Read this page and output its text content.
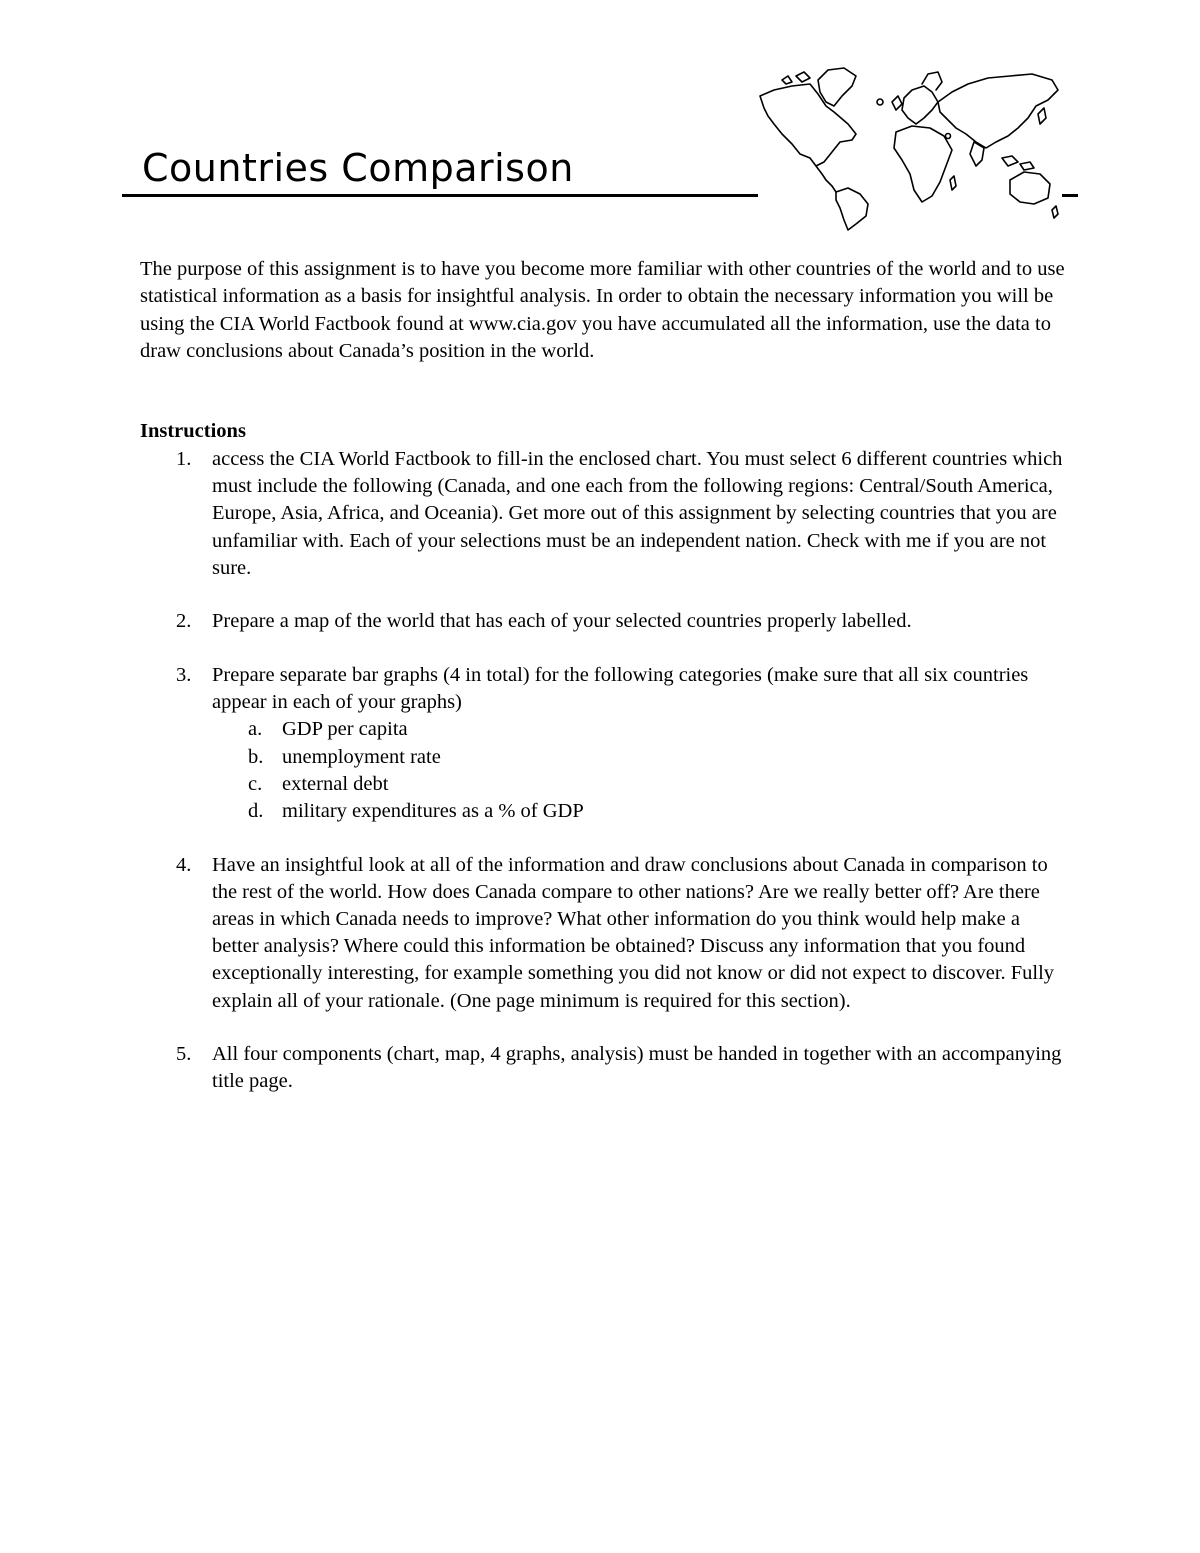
Countries Comparison

The purpose of this assignment is to have you become more familiar with other countries of the world and to use statistical information as a basis for insightful analysis. In order to obtain the necessary information you will be using the CIA World Factbook found at www.cia.gov you have accumulated all the information, use the data to draw conclusions about Canada’s position in the world.

Instructions
1. access the CIA World Factbook to fill-in the enclosed chart. You must select 6 different countries which must include the following (Canada, and one each from the following regions: Central/South America, Europe, Asia, Africa, and Oceania). Get more out of this assignment by selecting countries that you are unfamiliar with. Each of your selections must be an independent nation. Check with me if you are not sure.
2. Prepare a map of the world that has each of your selected countries properly labelled.
3. Prepare separate bar graphs (4 in total) for the following categories (make sure that all six countries appear in each of your graphs)
a. GDP per capita
b. unemployment rate
c. external debt
d. military expenditures as a % of GDP
4. Have an insightful look at all of the information and draw conclusions about Canada in comparison to the rest of the world. How does Canada compare to other nations? Are we really better off? Are there areas in which Canada needs to improve? What other information do you think would help make a better analysis? Where could this information be obtained? Discuss any information that you found exceptionally interesting, for example something you did not know or did not expect to discover. Fully explain all of your rationale. (One page minimum is required for this section).
5. All four components (chart, map, 4 graphs, analysis) must be handed in together with an accompanying title page.
